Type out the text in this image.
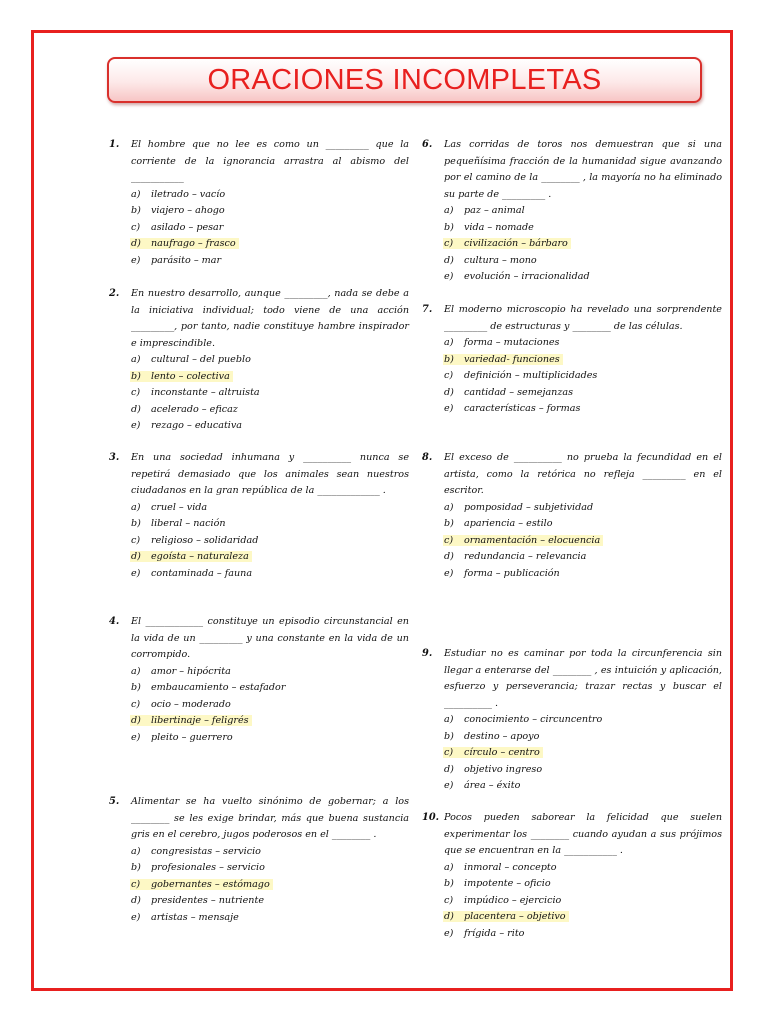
ORACIONES INCOMPLETAS
1. El hombre que no lee es como un _________ que la corriente de la ignorancia arrastra al abismo del ___________

a) iletrado – vacío
b) viajero – ahogo
c) asilado – pesar
d) naufrago – frasco
e) parásito – mar
2. En nuestro desarrollo, aunque _________, nada se debe a la iniciativa individual; todo viene de una acción _________, por tanto, nadie constituye hambre inspirador e imprescindible.

a) cultural – del pueblo
b) lento – colectiva
c) inconstante – altruista
d) acelerado – eficaz
e) rezago – educativa
3. En una sociedad inhumana y __________ nunca se repetirá demasiado que los animales sean nuestros ciudadanos en la gran república de la _____________ .

a) cruel – vida
b) liberal – nación
c) religioso – solidaridad
d) egoísta – naturaleza
e) contaminada – fauna
4. El ____________ constituye un episodio circunstancial en la vida de un _________ y una constante en la vida de un corrompido.

a) amor – hipócrita
b) embaucamiento – estafador
c) ocio – moderado
d) libertinaje – feligrés
e) pleito – guerrero
5. Alimentar se ha vuelto sinónimo de gobernar; a los ________ se les exige brindar, más que buena sustancia gris en el cerebro, jugos poderosos en el ________ .

a) congresistas – servicio
b) profesionales – servicio
c) gobernantes – estómago
d) presidentes – nutriente
e) artistas – mensaje
6. Las corridas de toros nos demuestran que si una pequeñísima fracción de la humanidad sigue avanzando por el camino de la ________ , la mayoría no ha eliminado su parte de _________ .

a) paz – animal
b) vida – nomade
c) civilización – bárbaro
d) cultura – mono
e) evolución – irracionalidad
7. El moderno microscopio ha revelado una sorprendente _________ de estructuras y ________ de las células.

a) forma – mutaciones
b) variedad- funciones
c) definición – multiplicidades
d) cantidad – semejanzas
e) características – formas
8. El exceso de __________ no prueba la fecundidad en el artista, como la retórica no refleja _________ en el escritor.

a) pomposidad – subjetividad
b) apariencia – estilo
c) ornamentación – elocuencia
d) redundancia – relevancia
e) forma – publicación
9. Estudiar no es caminar por toda la circunferencia sin llegar a enterarse del ________ , es intuición y aplicación, esfuerzo y perseverancia; trazar rectas y buscar el __________ .

a) conocimiento – circuncentro
b) destino – apoyo
c) círculo – centro
d) objetivo ingreso
e) área – éxito
10. Pocos pueden saborear la felicidad que suelen experimentar los ________ cuando ayudan a sus prójimos que se encuentran en la ___________ .

a) inmoral – concepto
b) impotente – oficio
c) impúdico – ejercicio
d) placentera – objetivo
e) frígida – rito
